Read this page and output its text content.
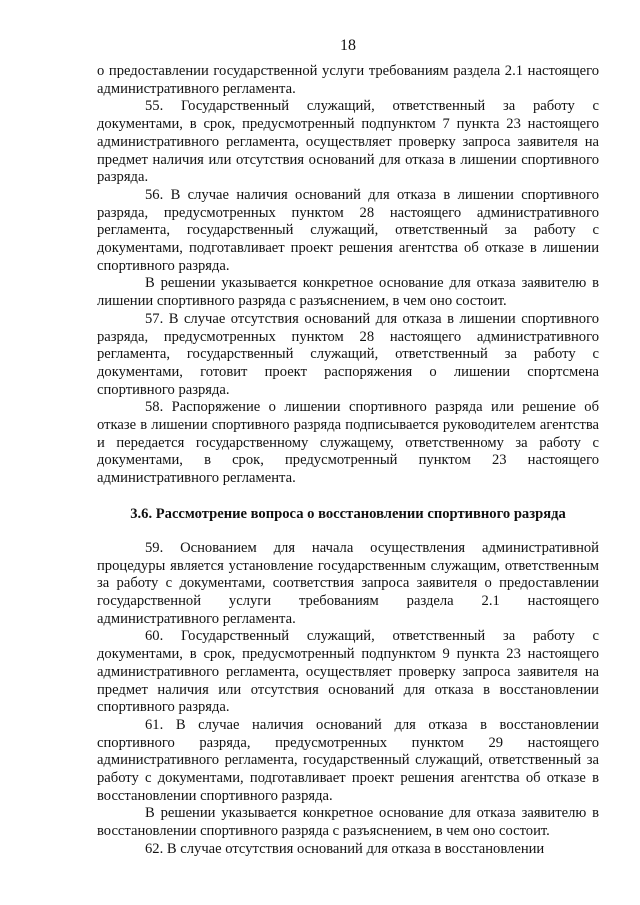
18

о предоставлении государственной услуги требованиям раздела 2.1 настоящего административного регламента.

55. Государственный служащий, ответственный за работу с документами, в срок, предусмотренный подпунктом 7 пункта 23 настоящего административного регламента, осуществляет проверку запроса заявителя на предмет наличия или отсутствия оснований для отказа в лишении спортивного разряда.

56. В случае наличия оснований для отказа в лишении спортивного разряда, предусмотренных пунктом 28 настоящего административного регламента, государственный служащий, ответственный за работу с документами, подготавливает проект решения агентства об отказе в лишении спортивного разряда.

В решении указывается конкретное основание для отказа заявителю в лишении спортивного разряда с разъяснением, в чем оно состоит.

57. В случае отсутствия оснований для отказа в лишении спортивного разряда, предусмотренных пунктом 28 настоящего административного регламента, государственный служащий, ответственный за работу с документами, готовит проект распоряжения о лишении спортсмена спортивного разряда.

58. Распоряжение о лишении спортивного разряда или решение об отказе в лишении спортивного разряда подписывается руководителем агентства и передается государственному служащему, ответственному за работу с документами, в срок, предусмотренный пунктом 23 настоящего административного регламента.

3.6. Рассмотрение вопроса о восстановлении спортивного разряда

59. Основанием для начала осуществления административной процедуры является установление государственным служащим, ответственным за работу с документами, соответствия запроса заявителя о предоставлении государственной услуги требованиям раздела 2.1 настоящего административного регламента.

60. Государственный служащий, ответственный за работу с документами, в срок, предусмотренный подпунктом 9 пункта 23 настоящего административного регламента, осуществляет проверку запроса заявителя на предмет наличия или отсутствия оснований для отказа в восстановлении спортивного разряда.

61. В случае наличия оснований для отказа в восстановлении спортивного разряда, предусмотренных пунктом 29 настоящего административного регламента, государственный служащий, ответственный за работу с документами, подготавливает проект решения агентства об отказе в восстановлении спортивного разряда.

В решении указывается конкретное основание для отказа заявителю в восстановлении спортивного разряда с разъяснением, в чем оно состоит.

62. В случае отсутствия оснований для отказа в восстановлении
